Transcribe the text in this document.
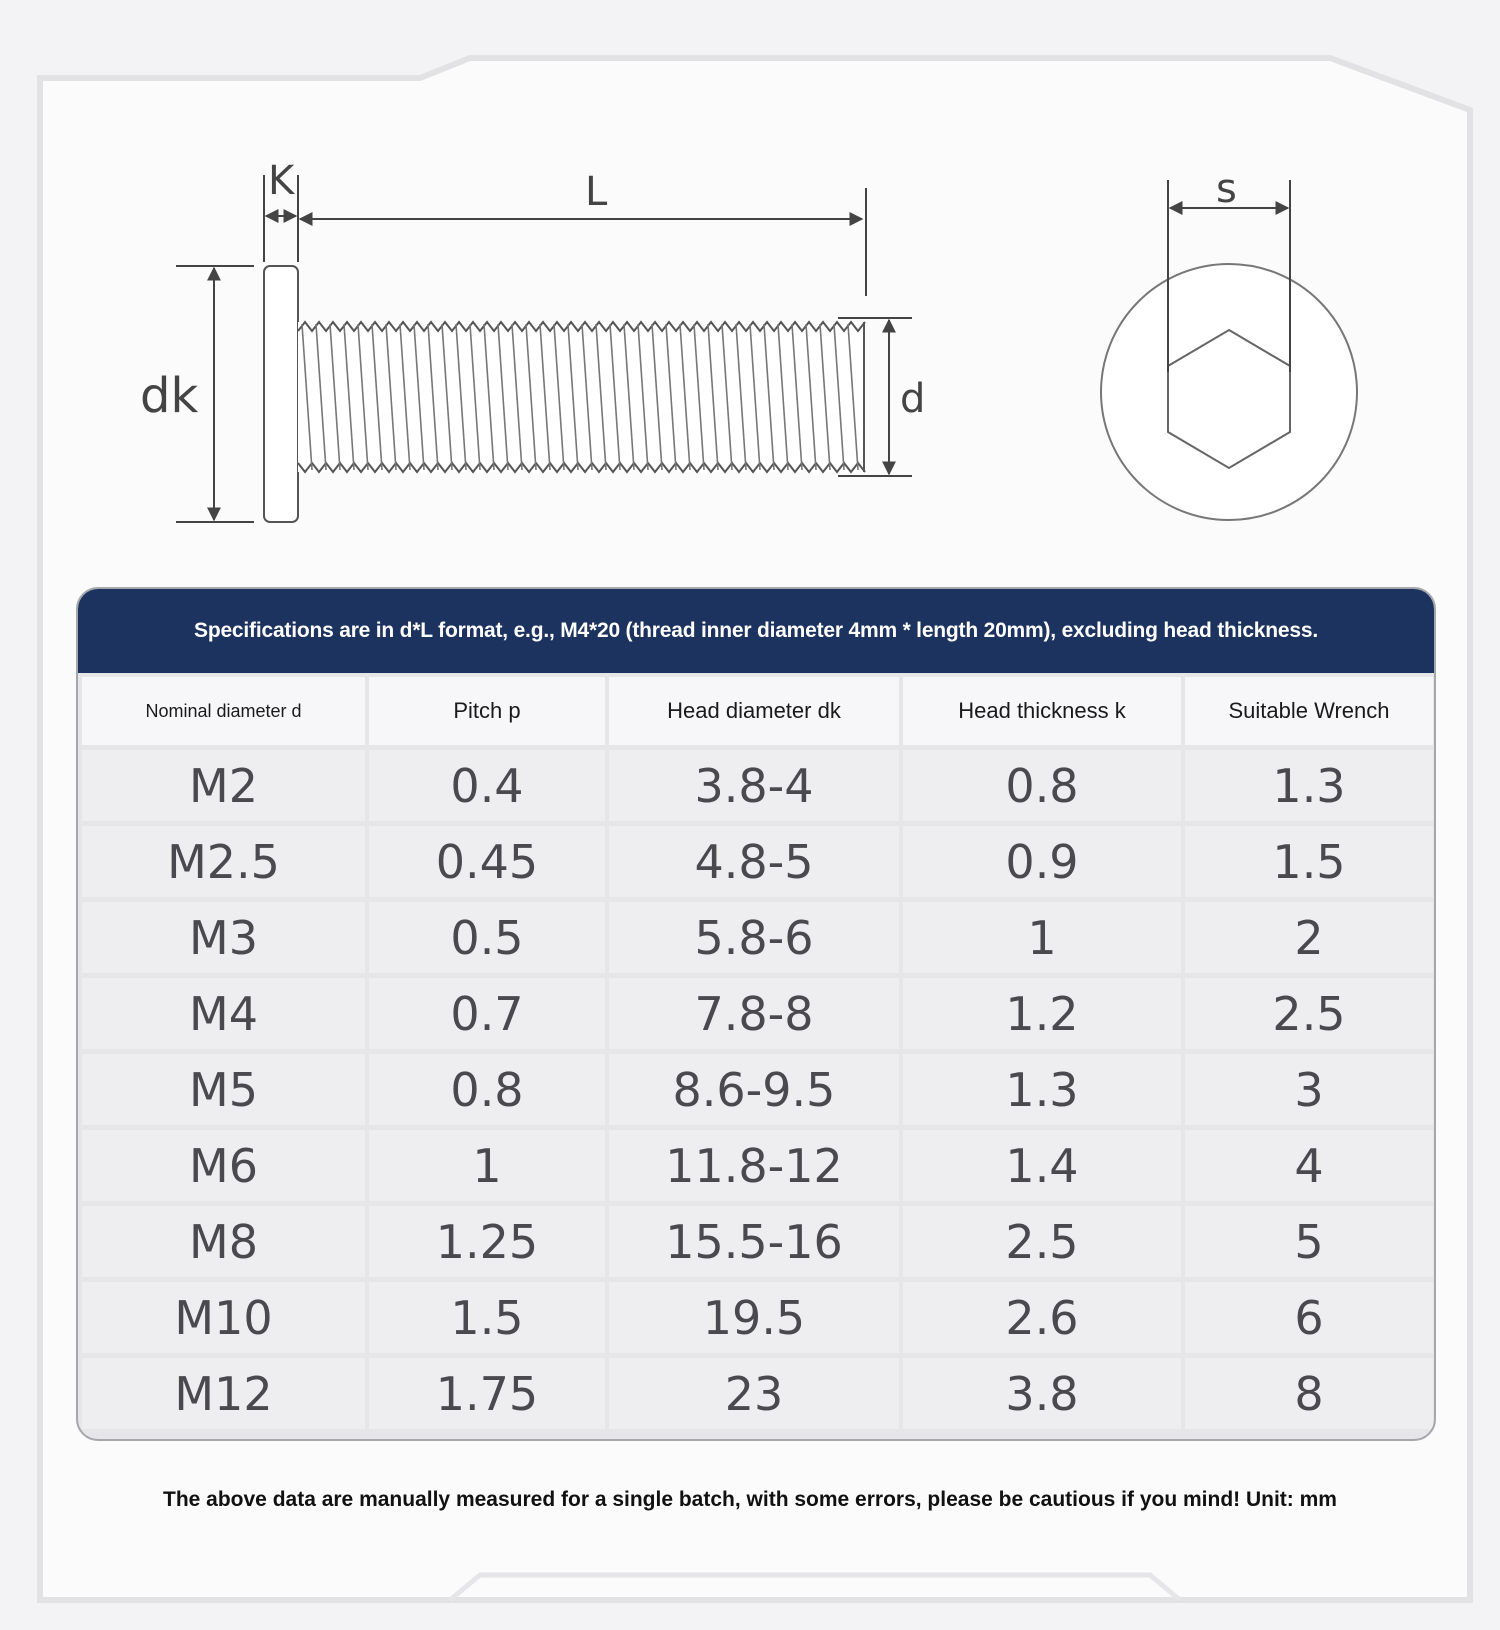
K	L
dk	d
s
Specifications are in d*L format, e.g., M4*20 (thread inner diameter 4mm * length 20mm), excluding head thickness.
Nominal diameter d	Pitch p	Head diameter dk	Head thickness k	Suitable Wrench
M2	0.4	3.8-4	0.8	1.3
M2.5	0.45	4.8-5	0.9	1.5
M3	0.5	5.8-6	1	2
M4	0.7	7.8-8	1.2	2.5
M5	0.8	8.6-9.5	1.3	3
M6	1	11.8-12	1.4	4
M8	1.25	15.5-16	2.5	5
M10	1.5	19.5	2.6	6
M12	1.75	23	3.8	8
The above data are manually measured for a single batch, with some errors, please be cautious if you mind! Unit: mm
